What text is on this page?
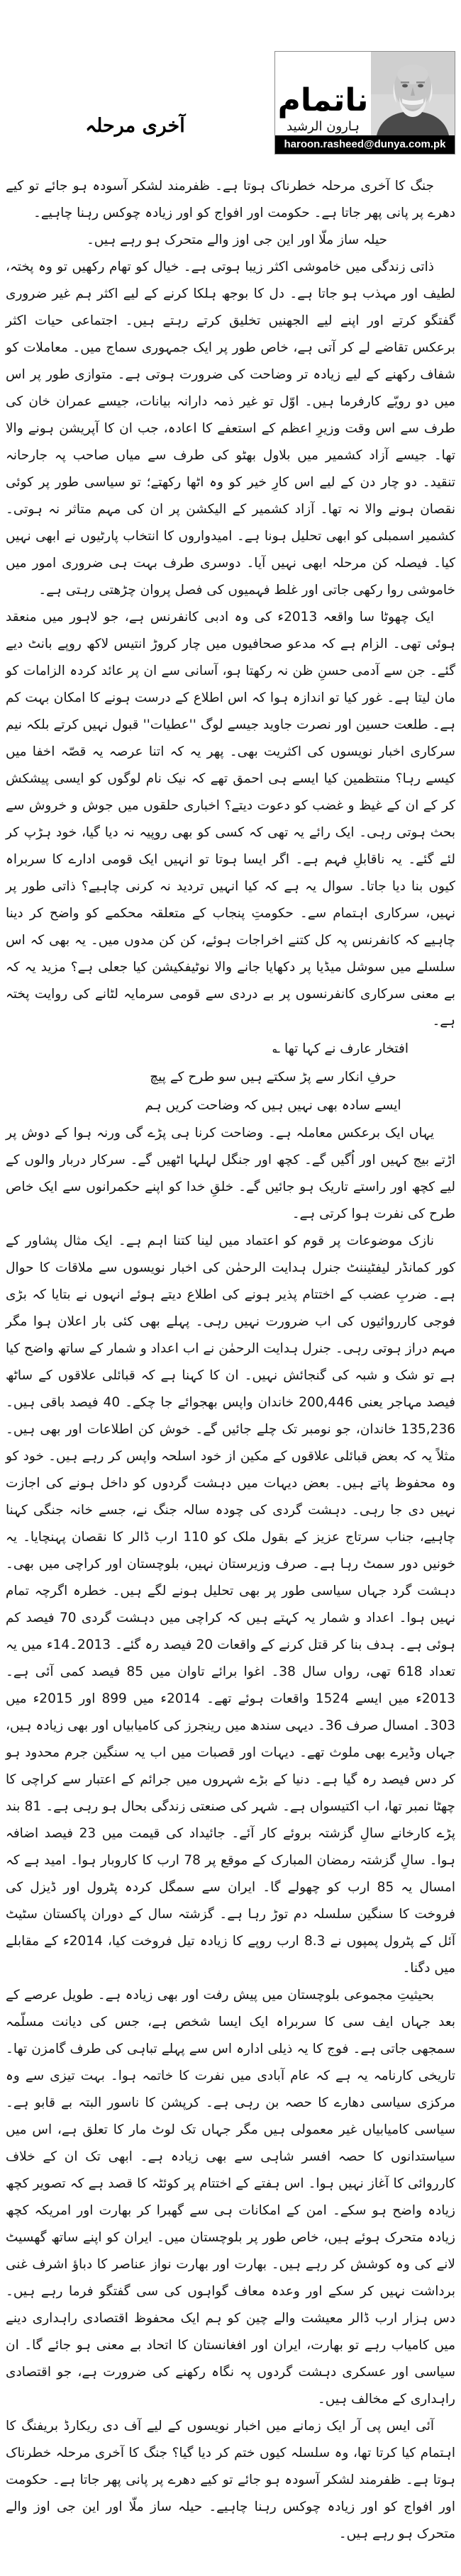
ناتمام
ہارون الرشید
haroon.rasheed@dunya.com.pk
آخری مرحلہ

جنگ کا آخری مرحلہ خطرناک ہوتا ہے۔ ظفرمند لشکر آسودہ ہو جائے تو کیے دھرے پر پانی پھر جاتا ہے۔ حکومت اور افواج کو اور زیادہ چوکس رہنا چاہیے۔

حیلہ ساز ملّا اور این جی اوز والے متحرک ہو رہے ہیں۔

ذاتی زندگی میں خاموشی اکثر زیبا ہوتی ہے۔ خیال کو تھام رکھیں تو وہ پختہ، لطیف اور مہذب ہو جاتا ہے۔ دل کا بوجھ ہلکا کرنے کے لیے اکثر ہم غیر ضروری گفتگو کرتے اور اپنے لیے الجھنیں تخلیق کرتے رہتے ہیں۔ اجتماعی حیات اکثر برعکس تقاضے لے کر آتی ہے، خاص طور پر ایک جمہوری سماج میں۔ معاملات کو شفاف رکھنے کے لیے زیادہ تر وضاحت کی ضرورت ہوتی ہے۔ متوازی طور پر اس میں دو رویّے کارفرما ہیں۔ اوّل تو غیر ذمہ دارانہ بیانات، جیسے عمران خان کی طرف سے اس وقت وزیرِ اعظم کے استعفے کا اعادہ، جب ان کا آپریشن ہونے والا تھا۔ جیسے آزاد کشمیر میں بلاول بھٹو کی طرف سے میاں صاحب پہ جارحانہ تنقید۔ دو چار دن کے لیے اس کارِ خیر کو وہ اٹھا رکھتے؛ تو سیاسی طور پر کوئی نقصان ہونے والا نہ تھا۔ آزاد کشمیر کے الیکشن پر ان کی مہم متاثر نہ ہوتی۔ کشمیر اسمبلی کو ابھی تحلیل ہونا ہے۔ امیدواروں کا انتخاب پارٹیوں نے ابھی نہیں کیا۔ فیصلہ کن مرحلہ ابھی نہیں آیا۔ دوسری طرف بہت ہی ضروری امور میں خاموشی روا رکھی جاتی اور غلط فہمیوں کی فصل پروان چڑھتی رہتی ہے۔

ایک چھوٹا سا واقعہ 2013ء کی وہ ادبی کانفرنس ہے، جو لاہور میں منعقد ہوئی تھی۔ الزام ہے کہ مدعو صحافیوں میں چار کروڑ انتیس لاکھ روپے بانٹ دیے گئے۔ جن سے آدمی حسنِ ظن نہ رکھتا ہو، آسانی سے ان پر عائد کردہ الزامات کو مان لیتا ہے۔ غور کیا تو اندازہ ہوا کہ اس اطلاع کے درست ہونے کا امکان بہت کم ہے۔ طلعت حسین اور نصرت جاوید جیسے لوگ ''عطیات'' قبول نہیں کرتے بلکہ نیم سرکاری اخبار نویسوں کی اکثریت بھی۔ پھر یہ کہ اتنا عرصہ یہ قصّہ اخفا میں کیسے رہا؟ منتظمین کیا ایسے ہی احمق تھے کہ نیک نام لوگوں کو ایسی پیشکش کر کے ان کے غیظ و غضب کو دعوت دیتے؟ اخباری حلقوں میں جوش و خروش سے بحث ہوتی رہی۔ ایک رائے یہ تھی کہ کسی کو بھی روپیہ نہ دیا گیا، خود ہڑپ کر لئے گئے۔ یہ ناقابلِ فہم ہے۔ اگر ایسا ہوتا تو انہیں ایک قومی ادارے کا سربراہ کیوں بنا دیا جاتا۔ سوال یہ ہے کہ کیا انہیں تردید نہ کرنی چاہیے؟ ذاتی طور پر نہیں، سرکاری اہتمام سے۔ حکومتِ پنجاب کے متعلقہ محکمے کو واضح کر دینا چاہیے کہ کانفرنس پہ کل کتنے اخراجات ہوئے، کن کن مدوں میں۔ یہ بھی کہ اس سلسلے میں سوشل میڈیا پر دکھایا جانے والا نوٹیفکیشن کیا جعلی ہے؟ مزید یہ کہ بے معنی سرکاری کانفرنسوں پر بے دردی سے قومی سرمایہ لٹانے کی روایت پختہ ہے۔

افتخار عارف نے کہا تھا ؎

حرفِ انکار سے پڑ سکتے ہیں سو طرح کے پیچ

ایسے سادہ بھی نہیں ہیں کہ وضاحت کریں ہم

یہاں ایک برعکس معاملہ ہے۔ وضاحت کرنا ہی پڑے گی ورنہ ہوا کے دوش پر اڑتے بیج کہیں اور اُگیں گے۔ کچھ اور جنگل لہلہا اٹھیں گے۔ سرکار دربار والوں کے لیے کچھ اور راستے تاریک ہو جائیں گے۔ خلقِ خدا کو اپنے حکمرانوں سے ایک خاص طرح کی نفرت ہوا کرتی ہے۔

نازک موضوعات پر قوم کو اعتماد میں لینا کتنا اہم ہے۔ ایک مثال پشاور کے کور کمانڈر لیفٹیننٹ جنرل ہدایت الرحمٰن کی اخبار نویسوں سے ملاقات کا حوال ہے۔ ضربِ عضب کے اختتام پذیر ہونے کی اطلاع دیتے ہوئے انہوں نے بتایا کہ بڑی فوجی کارروائیوں کی اب ضرورت نہیں رہی۔ پہلے بھی کئی بار اعلان ہوا مگر مہم دراز ہوتی رہی۔ جنرل ہدایت الرحمٰن نے اب اعداد و شمار کے ساتھ واضح کیا ہے تو شک و شبہ کی گنجائش نہیں۔ ان کا کہنا ہے کہ قبائلی علاقوں کے ساٹھ فیصد مہاجر یعنی 200,446 خاندان واپس بھجوائے جا چکے۔ 40 فیصد باقی ہیں۔ 135,236 خاندان، جو نومبر تک چلے جائیں گے۔ خوش کن اطلاعات اور بھی ہیں۔ مثلاً یہ کہ بعض قبائلی علاقوں کے مکین از خود اسلحہ واپس کر رہے ہیں۔ خود کو وہ محفوظ پاتے ہیں۔ بعض دیہات میں دہشت گردوں کو داخل ہونے کی اجازت نہیں دی جا رہی۔ دہشت گردی کی چودہ سالہ جنگ نے، جسے خانہ جنگی کہنا چاہیے، جناب سرتاج عزیز کے بقول ملک کو 110 ارب ڈالر کا نقصان پہنچایا۔ یہ خونیں دور سمٹ رہا ہے۔ صرف وزیرستان نہیں، بلوچستان اور کراچی میں بھی۔ دہشت گرد جہاں سیاسی طور پر بھی تحلیل ہونے لگے ہیں۔ خطرہ اگرچہ تمام نہیں ہوا۔ اعداد و شمار یہ کہتے ہیں کہ کراچی میں دہشت گردی 70 فیصد کم ہوئی ہے۔ ہدف بنا کر قتل کرنے کے واقعات 20 فیصد رہ گئے۔ 2013۔14ء میں یہ تعداد 618 تھی، رواں سال 38۔ اغوا برائے تاوان میں 85 فیصد کمی آئی ہے۔ 2013ء میں ایسے 1524 واقعات ہوئے تھے۔ 2014ء میں 899 اور 2015ء میں 303۔ امسال صرف 36۔ دیہی سندھ میں رینجرز کی کامیابیاں اور بھی زیادہ ہیں، جہاں وڈیرے بھی ملوث تھے۔ دیہات اور قصبات میں اب یہ سنگین جرم محدود ہو کر دس فیصد رہ گیا ہے۔ دنیا کے بڑے شہروں میں جرائم کے اعتبار سے کراچی کا چھٹا نمبر تھا، اب اکتیسواں ہے۔ شہر کی صنعتی زندگی بحال ہو رہی ہے۔ 81 بند پڑے کارخانے سالِ گزشتہ بروئے کار آئے۔ جائیداد کی قیمت میں 23 فیصد اضافہ ہوا۔ سالِ گزشتہ رمضان المبارک کے موقع پر 78 ارب کا کاروبار ہوا۔ امید ہے کہ امسال یہ 85 ارب کو چھولے گا۔ ایران سے سمگل کردہ پٹرول اور ڈیزل کی فروخت کا سنگین سلسلہ دم توڑ رہا ہے۔ گزشتہ سال کے دوران پاکستان سٹیٹ آئل کے پٹرول پمپوں نے 8.3 ارب روپے کا زیادہ تیل فروخت کیا، 2014ء کے مقابلے میں دگنا۔

بحیثیتِ مجموعی بلوچستان میں پیش رفت اور بھی زیادہ ہے۔ طویل عرصے کے بعد جہاں ایف سی کا سربراہ ایک ایسا شخص ہے، جس کی دیانت مسلّمہ سمجھی جاتی ہے۔ فوج کا یہ ذیلی ادارہ اس سے پہلے تباہی کی طرف گامزن تھا۔ تاریخی کارنامہ یہ ہے کہ عام آبادی میں نفرت کا خاتمہ ہوا۔ بہت تیزی سے وہ مرکزی سیاسی دھارے کا حصہ بن رہی ہے۔ کرپشن کا ناسور البتہ بے قابو ہے۔ سیاسی کامیابیاں غیر معمولی ہیں مگر جہاں تک لوٹ مار کا تعلق ہے، اس میں سیاستدانوں کا حصہ افسر شاہی سے بھی زیادہ ہے۔ ابھی تک ان کے خلاف کارروائی کا آغاز نہیں ہوا۔ اس ہفتے کے اختتام پر کوئٹہ کا قصد ہے کہ تصویر کچھ زیادہ واضح ہو سکے۔ امن کے امکانات ہی سے گھبرا کر بھارت اور امریکہ کچھ زیادہ متحرک ہوئے ہیں، خاص طور پر بلوچستان میں۔ ایران کو اپنے ساتھ گھسیٹ لانے کی وہ کوشش کر رہے ہیں۔ بھارت اور بھارت نواز عناصر کا دباؤ اشرف غنی برداشت نہیں کر سکے اور وعدہ معاف گواہوں کی سی گفتگو فرما رہے ہیں۔ دس ہزار ارب ڈالر معیشت والے چین کو ہم ایک محفوظ اقتصادی راہداری دینے میں کامیاب رہے تو بھارت، ایران اور افغانستان کا اتحاد بے معنی ہو جائے گا۔ ان سیاسی اور عسکری دہشت گردوں پہ نگاہ رکھنے کی ضرورت ہے، جو اقتصادی راہداری کے مخالف ہیں۔

آئی ایس پی آر ایک زمانے میں اخبار نویسوں کے لیے آف دی ریکارڈ بریفنگ کا اہتمام کیا کرتا تھا، وہ سلسلہ کیوں ختم کر دیا گیا؟ جنگ کا آخری مرحلہ خطرناک ہوتا ہے۔ ظفرمند لشکر آسودہ ہو جائے تو کیے دھرے پر پانی پھر جاتا ہے۔ حکومت اور افواج کو اور زیادہ چوکس رہنا چاہیے۔ حیلہ ساز ملّا اور این جی اوز والے متحرک ہو رہے ہیں۔
